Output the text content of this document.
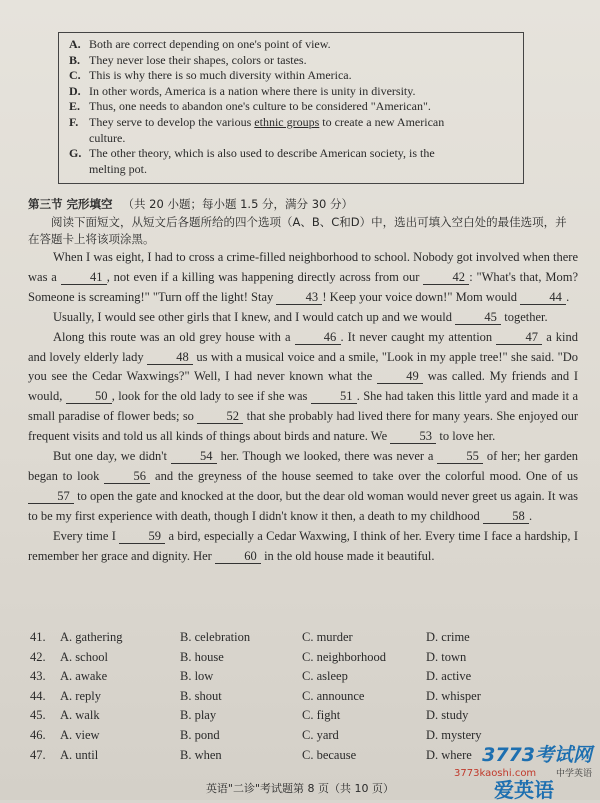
A. Both are correct depending on one's point of view.

B. They never lose their shapes, colors or tastes.

C. This is why there is so much diversity within America.

D. In other words, America is a nation where there is unity in diversity.

E. Thus, one needs to abandon one's culture to be considered "American".

F. They serve to develop the various ethnic groups to create a new American
culture.

G. The other theory, which is also used to describe American society, is the
melting pot.

第三节 完形填空 （共 20 小题；每小题 1.5 分，满分 30 分）
阅读下面短文，从短文后各题所给的四个选项（A、B、C和D）中，选出可填入空白处的最佳选项，并在答题卡上将该项涂黑。

When I was eight, I had to cross a crime-filled neighborhood to school. Nobody got involved when there was a	41 , not even if a killing was happening directly across from our	42 : "What's that, Mom? Someone is screaming!" "Turn off the light! Stay	43 ! Keep your voice down!" Mom would	44 .

Usually, I would see other girls that I knew, and I would catch up and we would	45 together.

Along this route was an old grey house with a	46 . It never caught my attention	47 a kind and lovely elderly lady	48 us with a musical voice and a smile, "Look in my apple tree!" she said. "Do you see the Cedar Waxwings?" Well, I had never known what the	49 was called. My friends and I would,	50 , look for the old lady to see if she was	51 . She had taken this little yard and made it a small paradise of flower beds; so	52 that she probably had lived there for many years. She enjoyed our frequent visits and told us all kinds of things about birds and nature. We	53 to love her.

But one day, we didn't	54 her. Though we looked, there was never a	55 of her; her garden began to look	56 and the greyness of the house seemed to take over the colorful mood. One of us 57 to open the gate and knocked at the door, but the dear old woman would never greet us again. It was to be my first experience with death, though I didn't know it then, a death to my childhood	58 .

Every time I	59 a bird, especially a Cedar Waxwing, I think of her. Every time I face a hardship, I remember her grace and dignity. Her	60 in the old house made it beautiful.

41. A. gathering	B. celebration	C. murder	D. crime
42. A. school	B. house	C. neighborhood	D. town
43. A. awake	B. low	C. asleep	D. active
44. A. reply	B. shout	C. announce	D. whisper
45. A. walk	B. play	C. fight	D. study
46. A. view	B. pond	C. yard	D. mystery
47. A. until	B. when	C. because	D. where
英语"二诊"考试题第 8 页（共 10 页）
3773考试网
3773kaoshi.com
爱英语
中学英语
